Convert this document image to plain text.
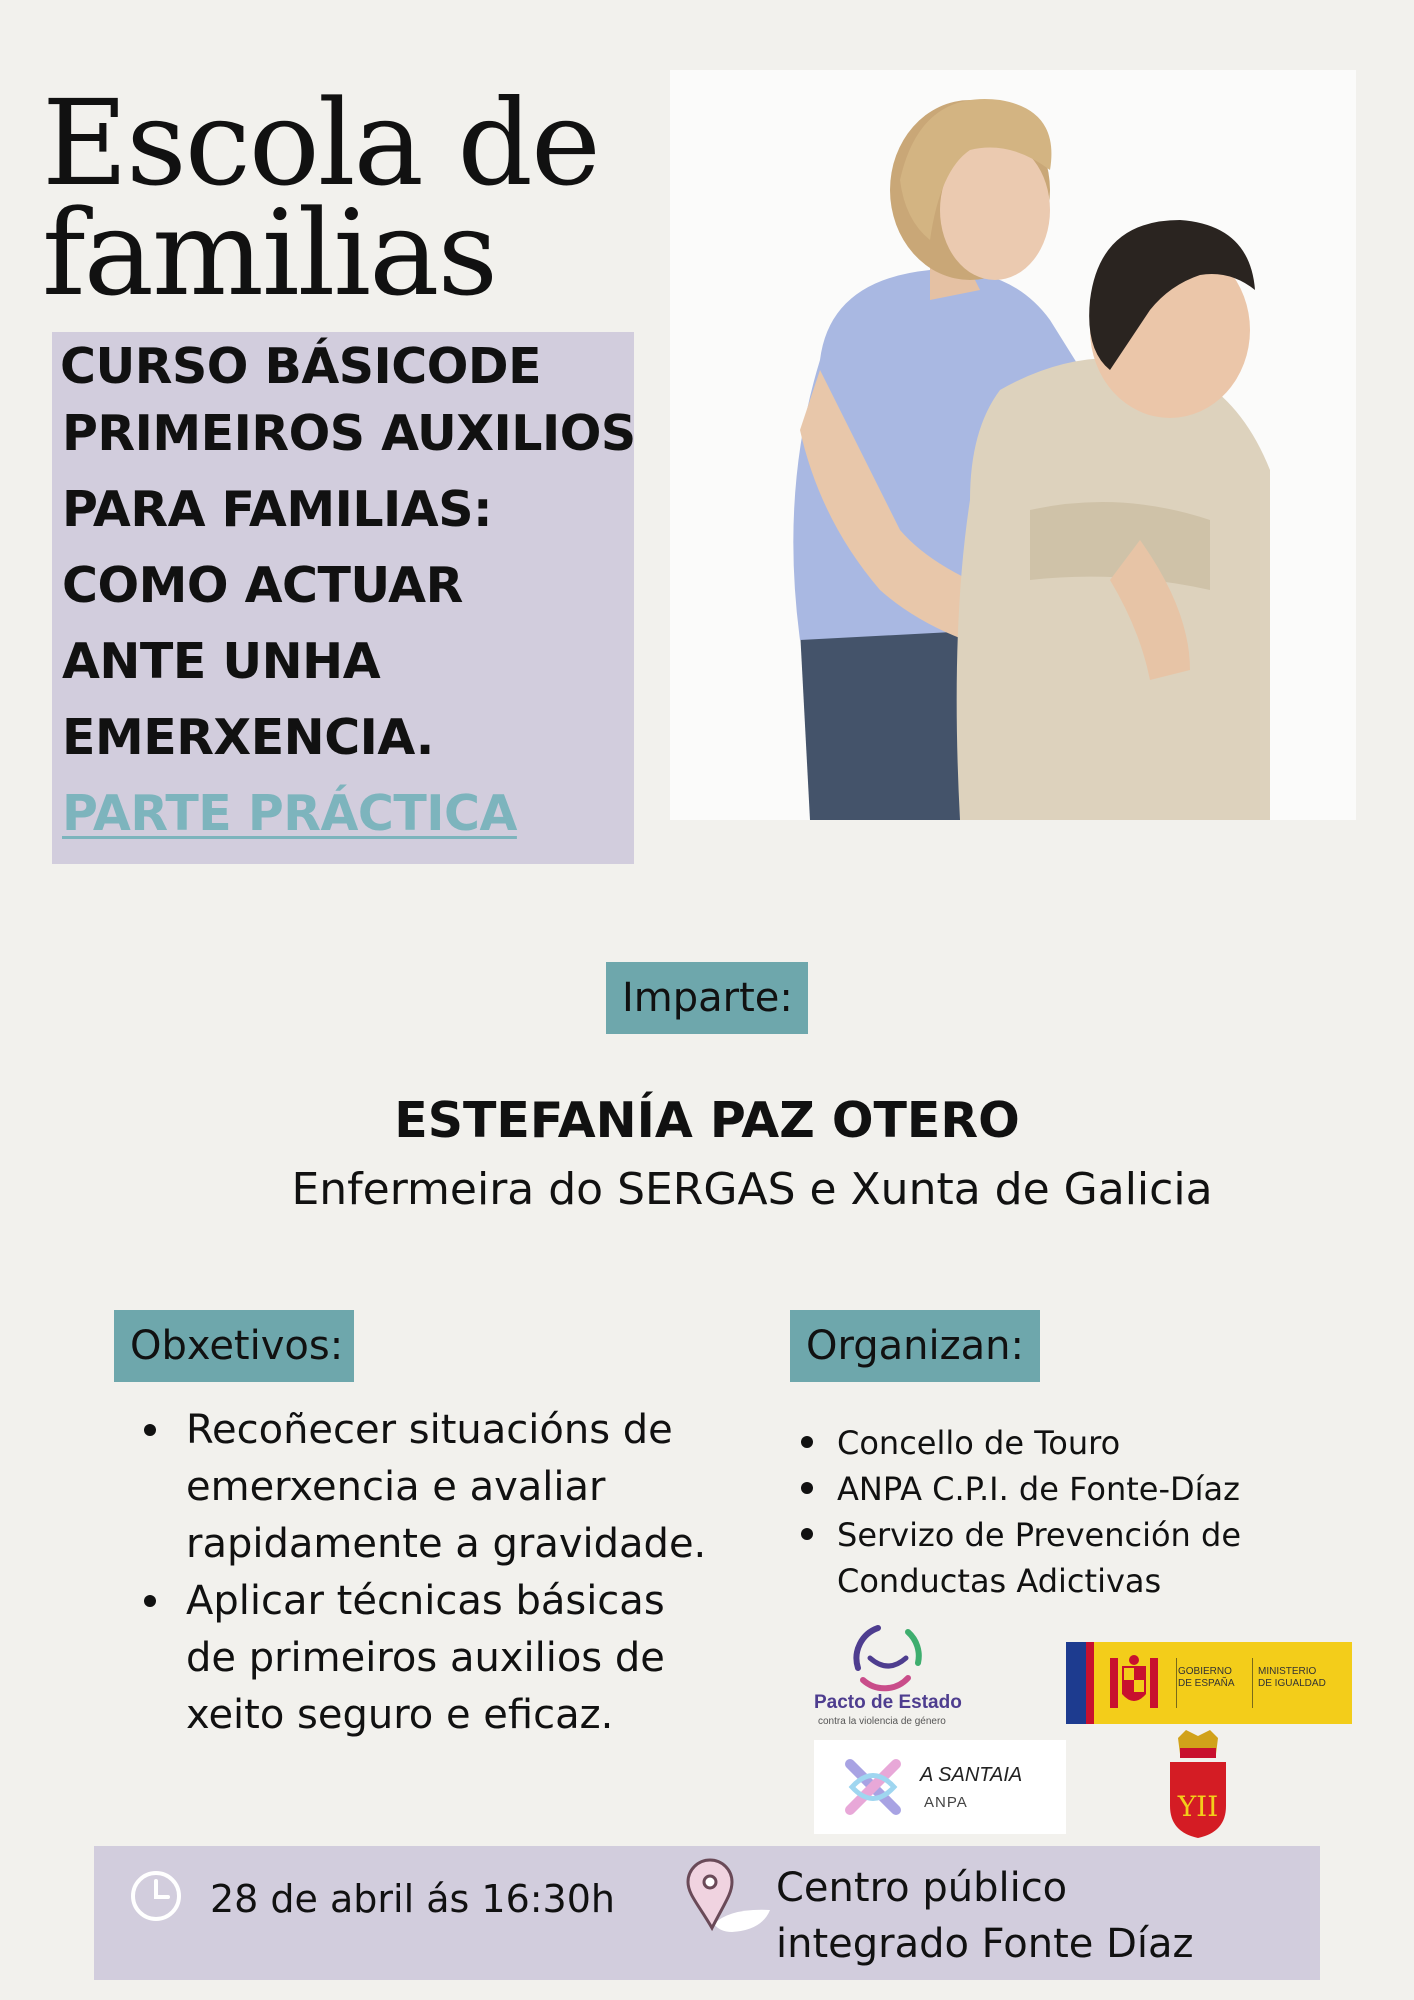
Escola de
familias
CURSO BÁSICODE
PRIMEIROS AUXILIOS
PARA FAMILIAS:
COMO ACTUAR
ANTE UNHA
EMERXENCIA.
PARTE PRÁCTICA
Imparte:
ESTEFANÍA PAZ OTERO
Enfermeira do SERGAS e Xunta de Galicia
Obxetivos:
Recoñecer situacións de emerxencia e avaliar rapidamente a gravidade.
Aplicar técnicas básicas de primeiros auxilios de xeito seguro e eficaz.
Organizan:
Concello de Touro
ANPA C.P.I. de Fonte-Díaz
Servizo de Prevención de Conductas Adictivas
Pacto de Estado
contra la violencia de género
GOBIERNO
DE ESPAÑA
MINISTERIO
DE IGUALDAD
A SANTAIA
ANPA	YII
28 de abril ás 16:30h	Centro público
integrado Fonte Díaz
